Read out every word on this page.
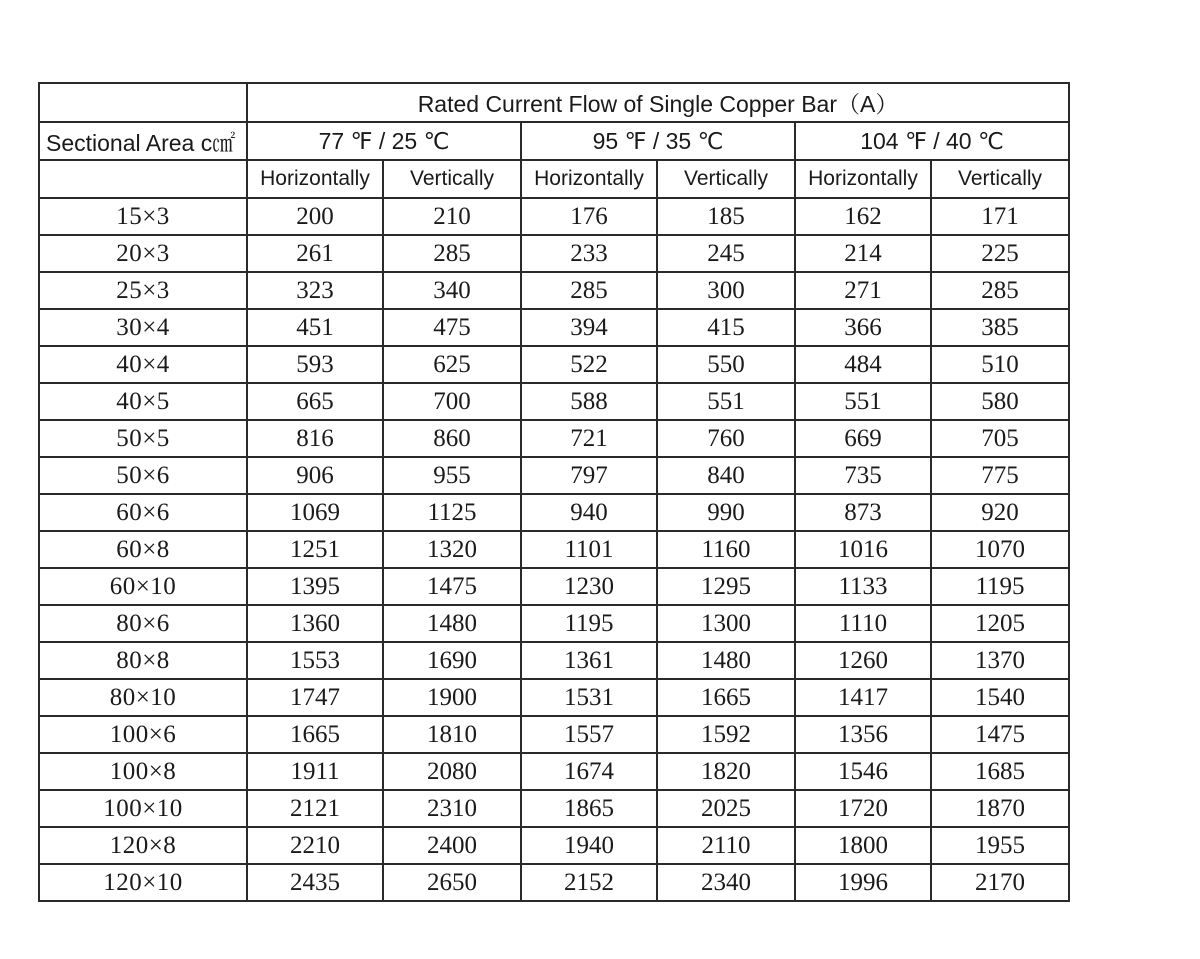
	Rated Current Flow of Single Copper Bar（A）					
Sectional Area c㎠	77 ℉ / 25 ℃		95 ℉ / 35 ℃		104 ℉ / 40 ℃	
	Horizontally	Vertically	Horizontally	Vertically	Horizontally	Vertically
15×3	200	210	176	185	162	171
20×3	261	285	233	245	214	225
25×3	323	340	285	300	271	285
30×4	451	475	394	415	366	385
40×4	593	625	522	550	484	510
40×5	665	700	588	551	551	580
50×5	816	860	721	760	669	705
50×6	906	955	797	840	735	775
60×6	1069	1125	940	990	873	920
60×8	1251	1320	1101	1160	1016	1070
60×10	1395	1475	1230	1295	1133	1195
80×6	1360	1480	1195	1300	1110	1205
80×8	1553	1690	1361	1480	1260	1370
80×10	1747	1900	1531	1665	1417	1540
100×6	1665	1810	1557	1592	1356	1475
100×8	1911	2080	1674	1820	1546	1685
100×10	2121	2310	1865	2025	1720	1870
120×8	2210	2400	1940	2110	1800	1955
120×10	2435	2650	2152	2340	1996	2170
